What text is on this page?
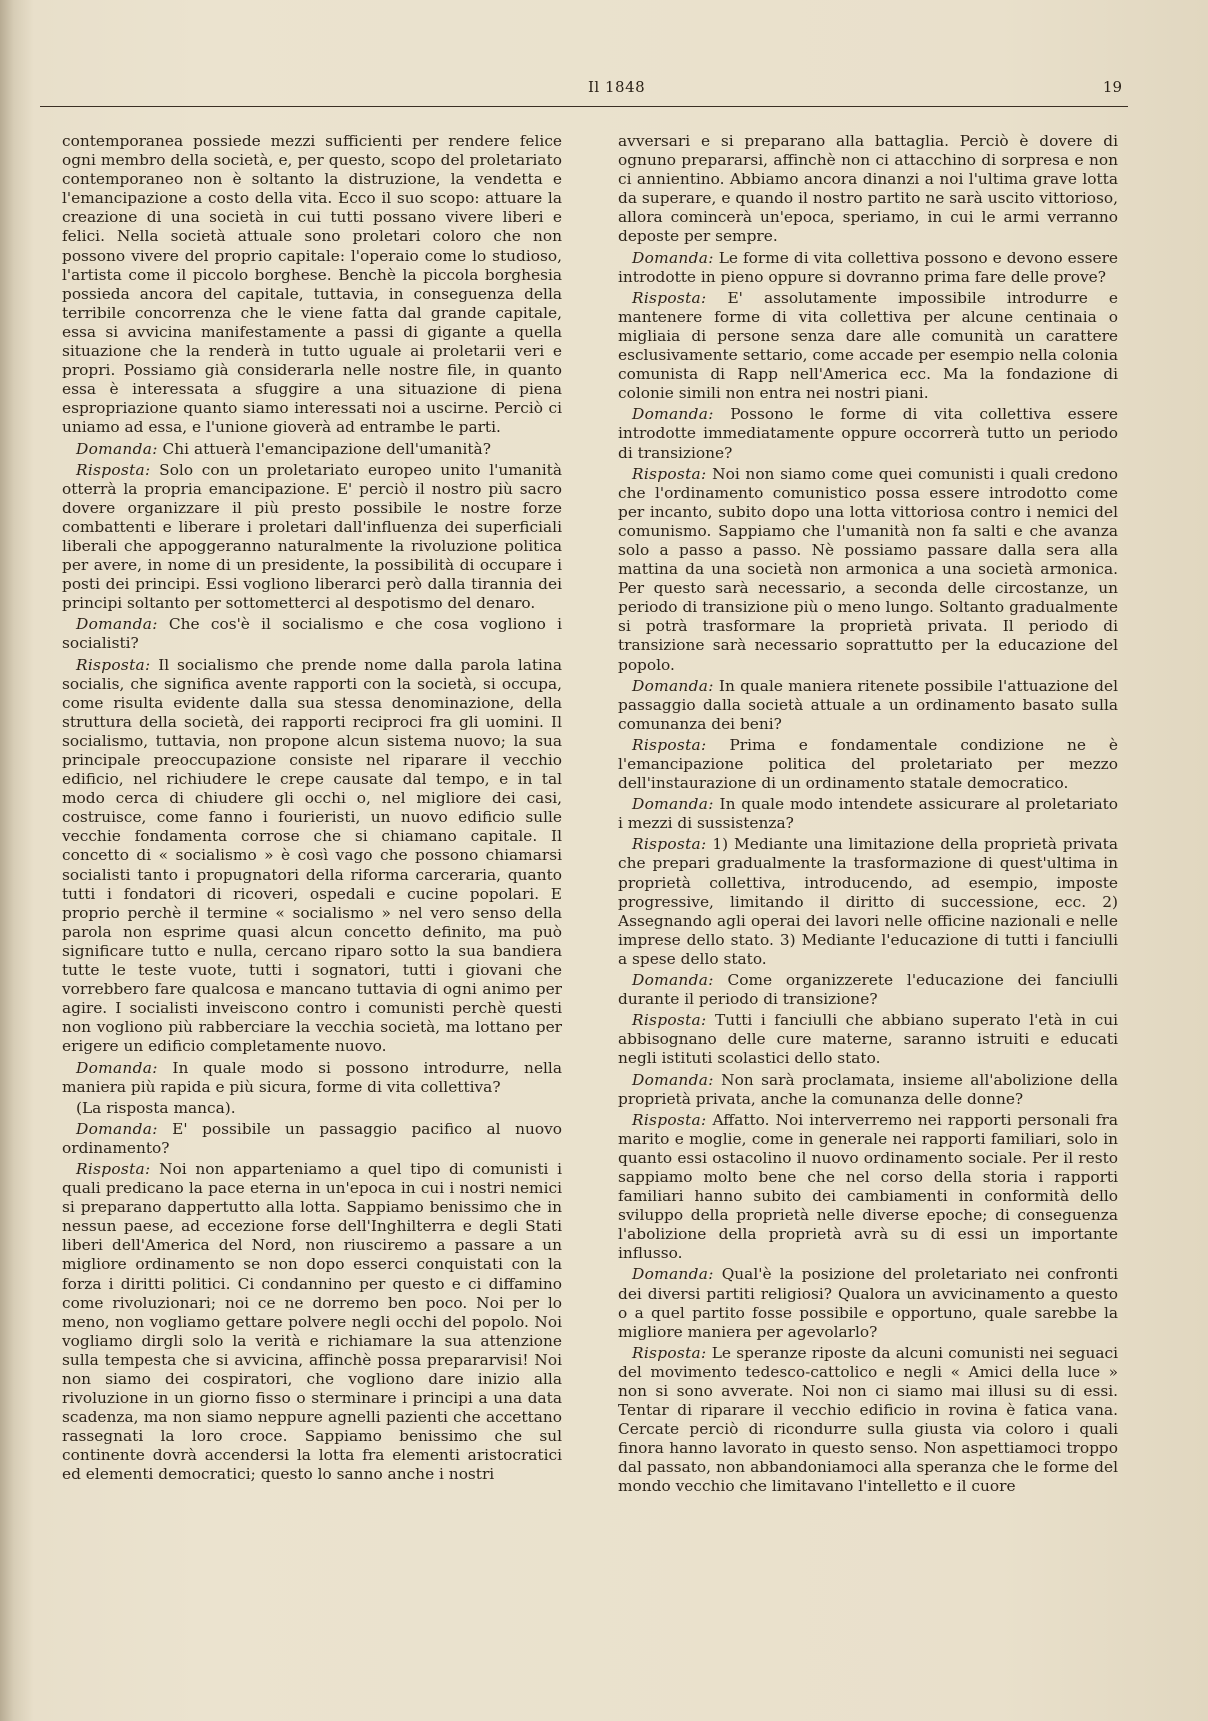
Il 1848	19

contemporanea possiede mezzi sufficienti per rendere felice ogni membro della società, e, per questo, scopo del proletariato contemporaneo non è soltanto la distruzione, la vendetta e l'emancipazione a costo della vita. Ecco il suo scopo: attuare la creazione di una società in cui tutti possano vivere liberi e felici. Nella società attuale sono proletari coloro che non possono vivere del proprio capitale: l'operaio come lo studioso, l'artista come il piccolo borghese. Benchè la piccola borghesia possieda ancora del capitale, tuttavia, in conseguenza della terribile concorrenza che le viene fatta dal grande capitale, essa si avvicina manifestamente a passi di gigante a quella situazione che la renderà in tutto uguale ai proletarii veri e propri. Possiamo già considerarla nelle nostre file, in quanto essa è interessata a sfuggire a una situazione di piena espropriazione quanto siamo interessati noi a uscirne. Perciò ci uniamo ad essa, e l'unione gioverà ad entrambe le parti.

Domanda: Chi attuerà l'emancipazione dell'umanità?

Risposta: Solo con un proletariato europeo unito l'umanità otterrà la propria emancipazione. E' perciò il nostro più sacro dovere organizzare il più presto possibile le nostre forze combattenti e liberare i proletari dall'influenza dei superficiali liberali che appoggeranno naturalmente la rivoluzione politica per avere, in nome di un presidente, la possibilità di occupare i posti dei principi. Essi vogliono liberarci però dalla tirannia dei principi soltanto per sottometterci al despotismo del denaro.

Domanda: Che cos'è il socialismo e che cosa vogliono i socialisti?

Risposta: Il socialismo che prende nome dalla parola latina socialis, che significa avente rapporti con la società, si occupa, come risulta evidente dalla sua stessa denominazione, della struttura della società, dei rapporti reciproci fra gli uomini. Il socialismo, tuttavia, non propone alcun sistema nuovo; la sua principale preoccupazione consiste nel riparare il vecchio edificio, nel richiudere le crepe causate dal tempo, e in tal modo cerca di chiudere gli occhi o, nel migliore dei casi, costruisce, come fanno i fourieristi, un nuovo edificio sulle vecchie fondamenta corrose che si chiamano capitale. Il concetto di « socialismo » è così vago che possono chiamarsi socialisti tanto i propugnatori della riforma carceraria, quanto tutti i fondatori di ricoveri, ospedali e cucine popolari. E proprio perchè il termine « socialismo » nel vero senso della parola non esprime quasi alcun concetto definito, ma può significare tutto e nulla, cercano riparo sotto la sua bandiera tutte le teste vuote, tutti i sognatori, tutti i giovani che vorrebbero fare qualcosa e mancano tuttavia di ogni animo per agire. I socialisti inveiscono contro i comunisti perchè questi non vogliono più rabberciare la vecchia società, ma lottano per erigere un edificio completamente nuovo.

Domanda: In quale modo si possono introdurre, nella maniera più rapida e più sicura, forme di vita collettiva?

(La risposta manca).

Domanda: E' possibile un passaggio pacifico al nuovo ordinamento?

Risposta: Noi non apparteniamo a quel tipo di comunisti i quali predicano la pace eterna in un'epoca in cui i nostri nemici si preparano dappertutto alla lotta. Sappiamo benissimo che in nessun paese, ad eccezione forse dell'Inghilterra e degli Stati liberi dell'America del Nord, non riusciremo a passare a un migliore ordinamento se non dopo esserci conquistati con la forza i diritti politici. Ci condannino per questo e ci diffamino come rivoluzionari; noi ce ne dorremo ben poco. Noi per lo meno, non vogliamo gettare polvere negli occhi del popolo. Noi vogliamo dirgli solo la verità e richiamare la sua attenzione sulla tempesta che si avvicina, affinchè possa prepararvisi! Noi non siamo dei cospiratori, che vogliono dare inizio alla rivoluzione in un giorno fisso o sterminare i principi a una data scadenza, ma non siamo neppure agnelli pazienti che accettano rassegnati la loro croce. Sappiamo benissimo che sul continente dovrà accendersi la lotta fra elementi aristocratici ed elementi democratici; questo lo sanno anche i nostri

avversari e si preparano alla battaglia. Perciò è dovere di ognuno prepararsi, affinchè non ci attacchino di sorpresa e non ci annientino. Abbiamo ancora dinanzi a noi l'ultima grave lotta da superare, e quando il nostro partito ne sarà uscito vittorioso, allora comincerà un'epoca, speriamo, in cui le armi verranno deposte per sempre.

Domanda: Le forme di vita collettiva possono e devono essere introdotte in pieno oppure si dovranno prima fare delle prove?

Risposta: E' assolutamente impossibile introdurre e mantenere forme di vita collettiva per alcune centinaia o migliaia di persone senza dare alle comunità un carattere esclusivamente settario, come accade per esempio nella colonia comunista di Rapp nell'America ecc. Ma la fondazione di colonie simili non entra nei nostri piani.

Domanda: Possono le forme di vita collettiva essere introdotte immediatamente oppure occorrerà tutto un periodo di transizione?

Risposta: Noi non siamo come quei comunisti i quali credono che l'ordinamento comunistico possa essere introdotto come per incanto, subito dopo una lotta vittoriosa contro i nemici del comunismo. Sappiamo che l'umanità non fa salti e che avanza solo a passo a passo. Nè possiamo passare dalla sera alla mattina da una società non armonica a una società armonica. Per questo sarà necessario, a seconda delle circostanze, un periodo di transizione più o meno lungo. Soltanto gradualmente si potrà trasformare la proprietà privata. Il periodo di transizione sarà necessario soprattutto per la educazione del popolo.

Domanda: In quale maniera ritenete possibile l'attuazione del passaggio dalla società attuale a un ordinamento basato sulla comunanza dei beni?

Risposta: Prima e fondamentale condizione ne è l'emancipazione politica del proletariato per mezzo dell'instaurazione di un ordinamento statale democratico.

Domanda: In quale modo intendete assicurare al proletariato i mezzi di sussistenza?

Risposta: 1) Mediante una limitazione della proprietà privata che prepari gradualmente la trasformazione di quest'ultima in proprietà collettiva, introducendo, ad esempio, imposte progressive, limitando il diritto di successione, ecc. 2) Assegnando agli operai dei lavori nelle officine nazionali e nelle imprese dello stato. 3) Mediante l'educazione di tutti i fanciulli a spese dello stato.

Domanda: Come organizzerete l'educazione dei fanciulli durante il periodo di transizione?

Risposta: Tutti i fanciulli che abbiano superato l'età in cui abbisognano delle cure materne, saranno istruiti e educati negli istituti scolastici dello stato.

Domanda: Non sarà proclamata, insieme all'abolizione della proprietà privata, anche la comunanza delle donne?

Risposta: Affatto. Noi interverremo nei rapporti personali fra marito e moglie, come in generale nei rapporti familiari, solo in quanto essi ostacolino il nuovo ordinamento sociale. Per il resto sappiamo molto bene che nel corso della storia i rapporti familiari hanno subito dei cambiamenti in conformità dello sviluppo della proprietà nelle diverse epoche; di conseguenza l'abolizione della proprietà avrà su di essi un importante influsso.

Domanda: Qual'è la posizione del proletariato nei confronti dei diversi partiti religiosi? Qualora un avvicinamento a questo o a quel partito fosse possibile e opportuno, quale sarebbe la migliore maniera per agevolarlo?

Risposta: Le speranze riposte da alcuni comunisti nei seguaci del movimento tedesco-cattolico e negli « Amici della luce » non si sono avverate. Noi non ci siamo mai illusi su di essi. Tentar di riparare il vecchio edificio in rovina è fatica vana. Cercate perciò di ricondurre sulla giusta via coloro i quali finora hanno lavorato in questo senso. Non aspettiamoci troppo dal passato, non abbandoniamoci alla speranza che le forme del mondo vecchio che limitavano l'intelletto e il cuore
